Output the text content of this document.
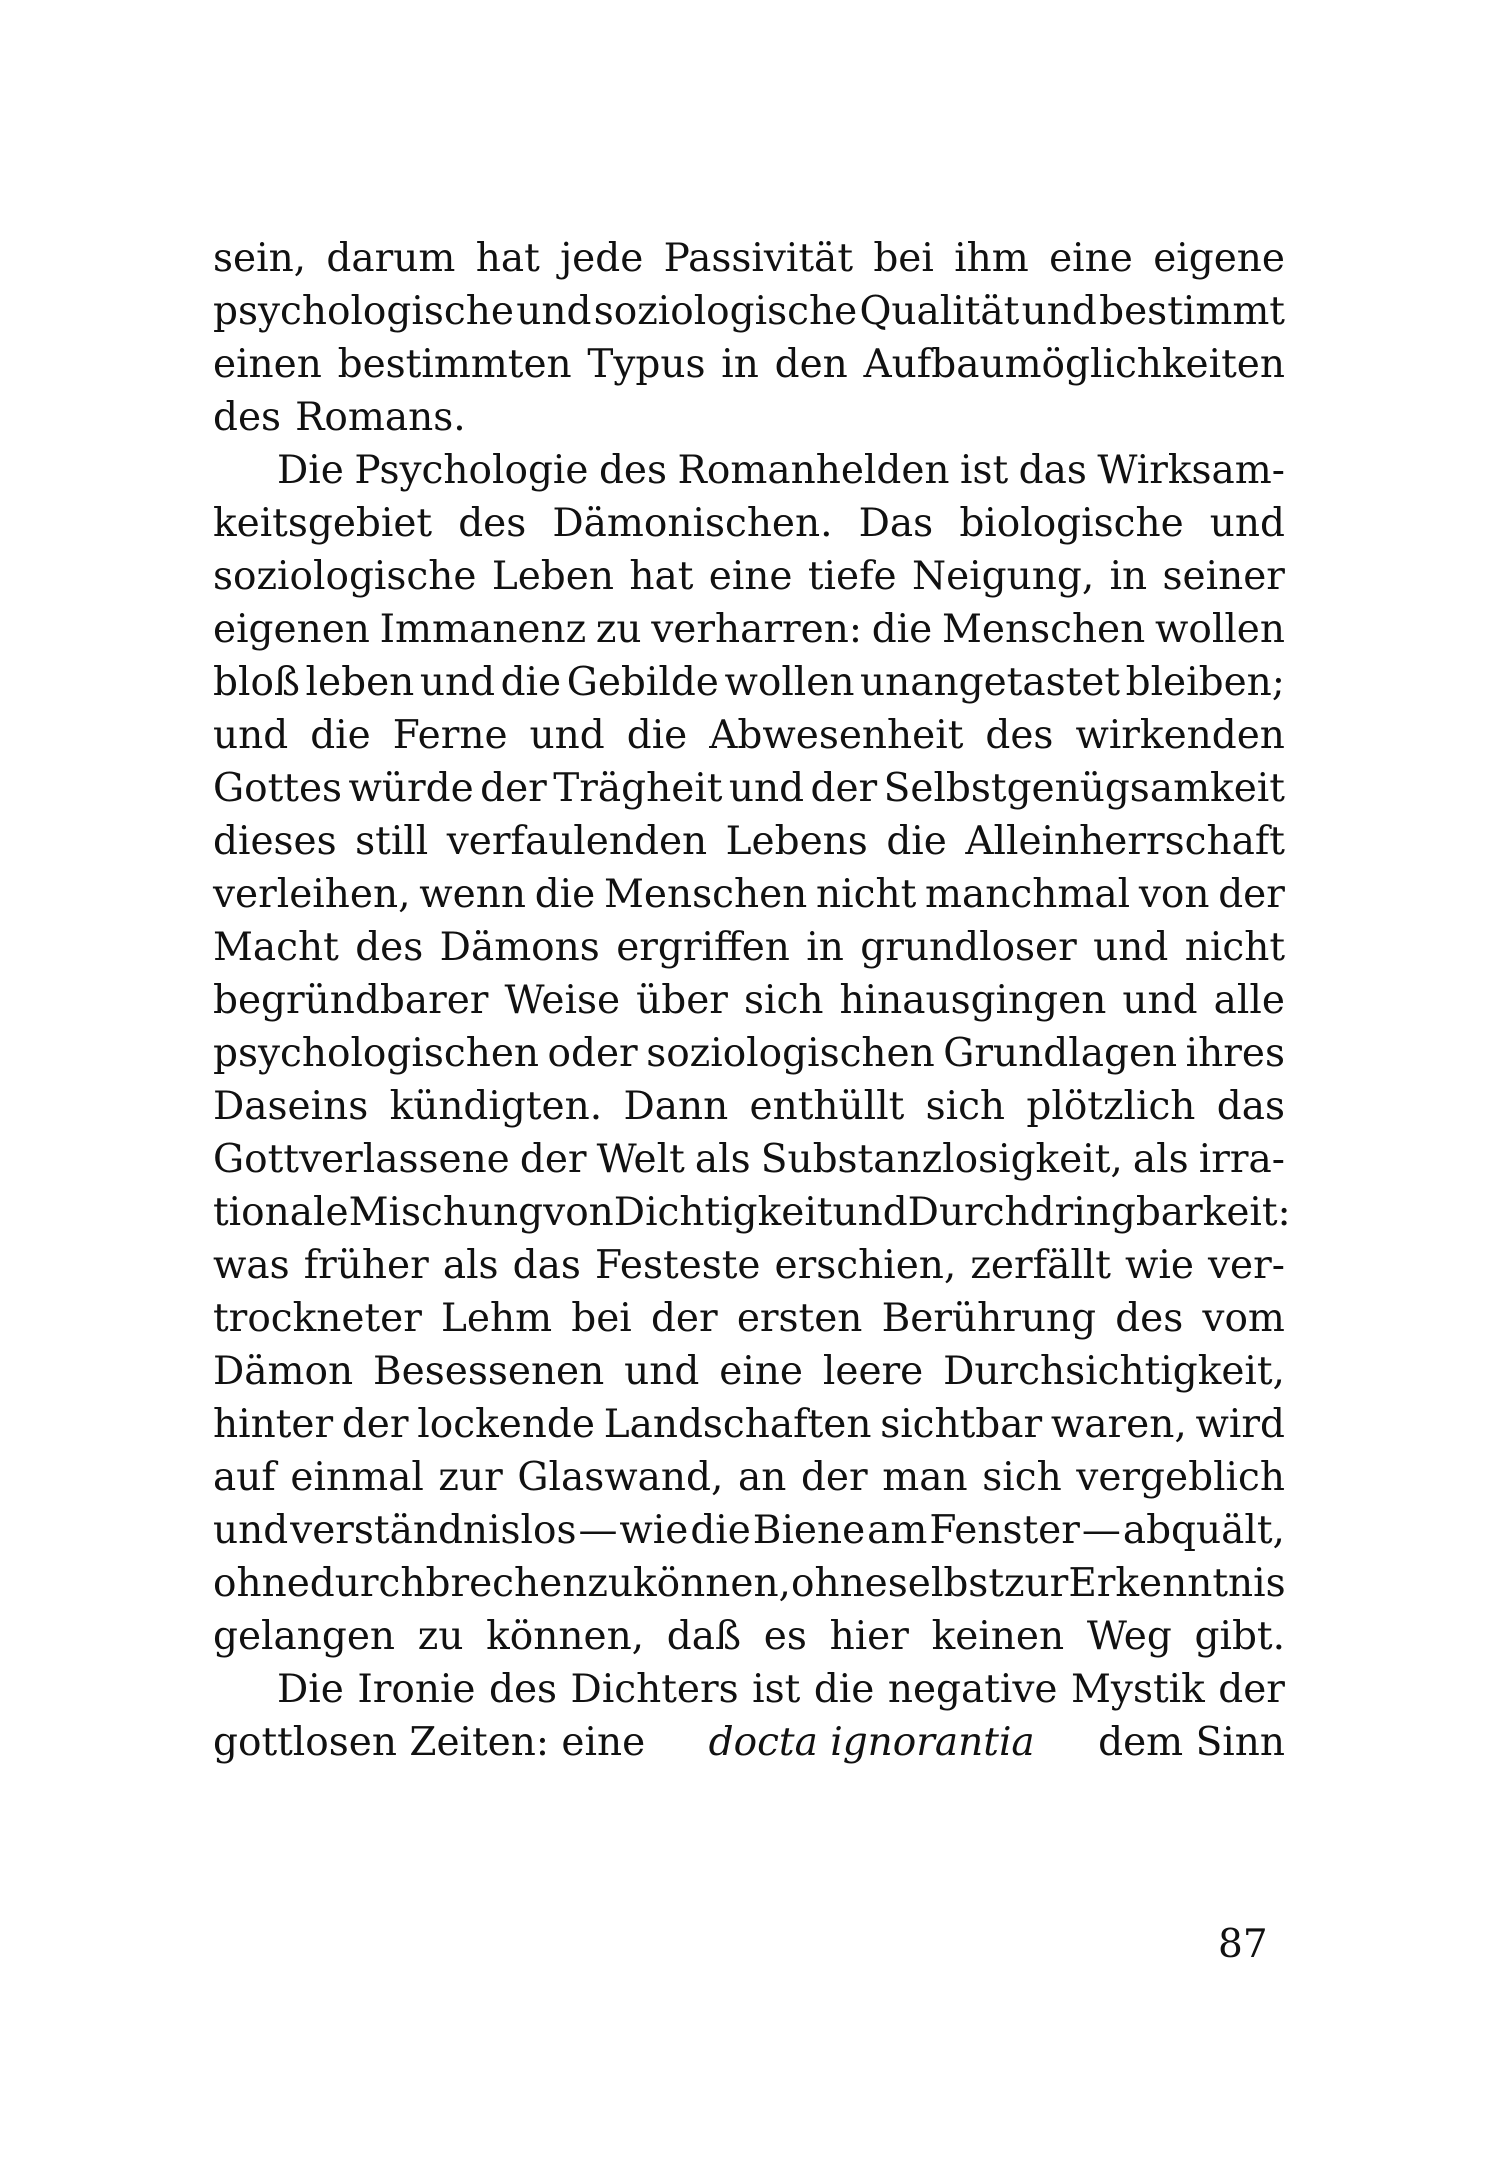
sein, darum hat jede Passivität bei ihm eine eigene
psychologische und soziologische Qualität und bestimmt
einen bestimmten Typus in den Aufbaumöglichkeiten
des Romans.
Die Psychologie des Romanhelden ist das Wirksam-
keitsgebiet des Dämonischen. Das biologische und
soziologische Leben hat eine tiefe Neigung, in seiner
eigenen Immanenz zu verharren: die Menschen wollen
bloß leben und die Gebilde wollen unangetastet bleiben;
und die Ferne und die Abwesenheit des wirkenden
Gottes würde der Trägheit und der Selbstgenügsamkeit
dieses still verfaulenden Lebens die Alleinherrschaft
verleihen, wenn die Menschen nicht manchmal von der
Macht des Dämons ergriffen in grundloser und nicht
begründbarer Weise über sich hinausgingen und alle
psychologischen oder soziologischen Grundlagen ihres
Daseins kündigten. Dann enthüllt sich plötzlich das
Gottverlassene der Welt als Substanzlosigkeit, als irra-
tionale Mischung von Dichtigkeit und Durchdringbarkeit:
was früher als das Festeste erschien, zerfällt wie ver-
trockneter Lehm bei der ersten Berührung des vom
Dämon Besessenen und eine leere Durchsichtigkeit,
hinter der lockende Landschaften sichtbar waren, wird
auf einmal zur Glaswand, an der man sich vergeblich
und verständnislos — wie die Biene am Fenster — abquält,
ohne durchbrechen zu können, ohne selbst zur Erkenntnis
gelangen zu können, daß es hier keinen Weg gibt.
Die Ironie des Dichters ist die negative Mystik der
gottlosen Zeiten: eine docta ignorantia dem Sinn
87
